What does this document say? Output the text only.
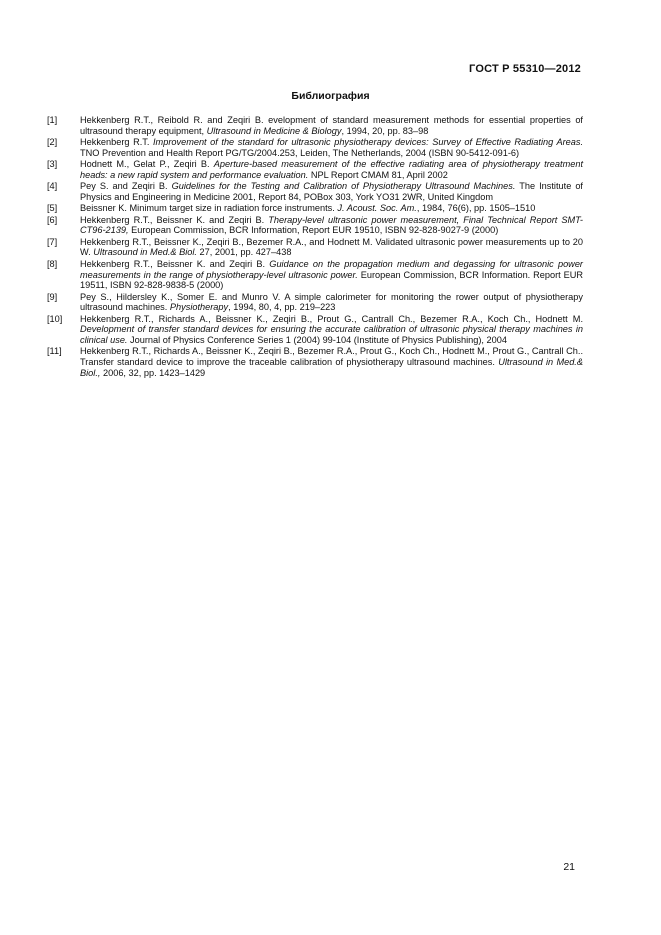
ГОСТ Р 55310—2012
Библиография
[1]	Hekkenberg R.T., Reibold R. and Zeqiri B. evelopment of standard measurement methods for essential properties of ultrasound therapy equipment, Ultrasound in Medicine & Biology, 1994, 20, pp. 83–98
[2]	Hekkenberg R.T. Improvement of the standard for ultrasonic physiotherapy devices: Survey of Effective Radiating Areas. TNO Prevention and Health Report PG/TG/2004.253, Leiden, The Netherlands, 2004 (ISBN 90-5412-091-6)
[3]	Hodnett M., Gelat P., Zeqiri B. Aperture-based measurement of the effective radiating area of physiotherapy treatment heads: a new rapid system and performance evaluation. NPL Report CMAM 81, April 2002
[4]	Pey S. and Zeqiri B. Guidelines for the Testing and Calibration of Physiotherapy Ultrasound Machines. The Institute of Physics and Engineering in Medicine 2001, Report 84, POBox 303, York YO31 2WR, United Kingdom
[5]	Beissner K. Minimum target size in radiation force instruments. J. Acoust. Soc. Am., 1984, 76(6), pp. 1505–1510
[6]	Hekkenberg R.T., Beissner K. and Zeqiri B. Therapy-level ultrasonic power measurement, Final Technical Report SMT-CT96-2139, European Commission, BCR Information, Report EUR 19510, ISBN 92-828-9027-9 (2000)
[7]	Hekkenberg R.T., Beissner K., Zeqiri B., Bezemer R.A., and Hodnett M. Validated ultrasonic power measurements up to 20 W. Ultrasound in Med.& Biol. 27, 2001, pp. 427–438
[8]	Hekkenberg R.T., Beissner K. and Zeqiri B. Guidance on the propagation medium and degassing for ultrasonic power measurements in the range of physiotherapy-level ultrasonic power. European Commission, BCR Information. Report EUR 19511, ISBN 92-828-9838-5 (2000)
[9]	Pey S., Hildersley K., Somer E. and Munro V. A simple calorimeter for monitoring the rower output of physiotherapy ultrasound machines. Physiotherapy, 1994, 80, 4, pp. 219–223
[10]	Hekkenberg R.T., Richards A., Beissner K., Zeqiri B., Prout G., Cantrall Ch., Bezemer R.A., Koch Ch., Hodnett M. Development of transfer standard devices for ensuring the accurate calibration of ultrasonic physical therapy machines in clinical use. Journal of Physics Conference Series 1 (2004) 99-104 (Institute of Physics Publishing), 2004
[11]	Hekkenberg R.T., Richards A., Beissner K., Zeqiri B., Bezemer R.A., Prout G., Koch Ch., Hodnett M., Prout G., Cantrall Ch.. Transfer standard device to improve the traceable calibration of physiotherapy ultrasound machines. Ultrasound in Med.& Biol., 2006, 32, pp. 1423–1429
21
